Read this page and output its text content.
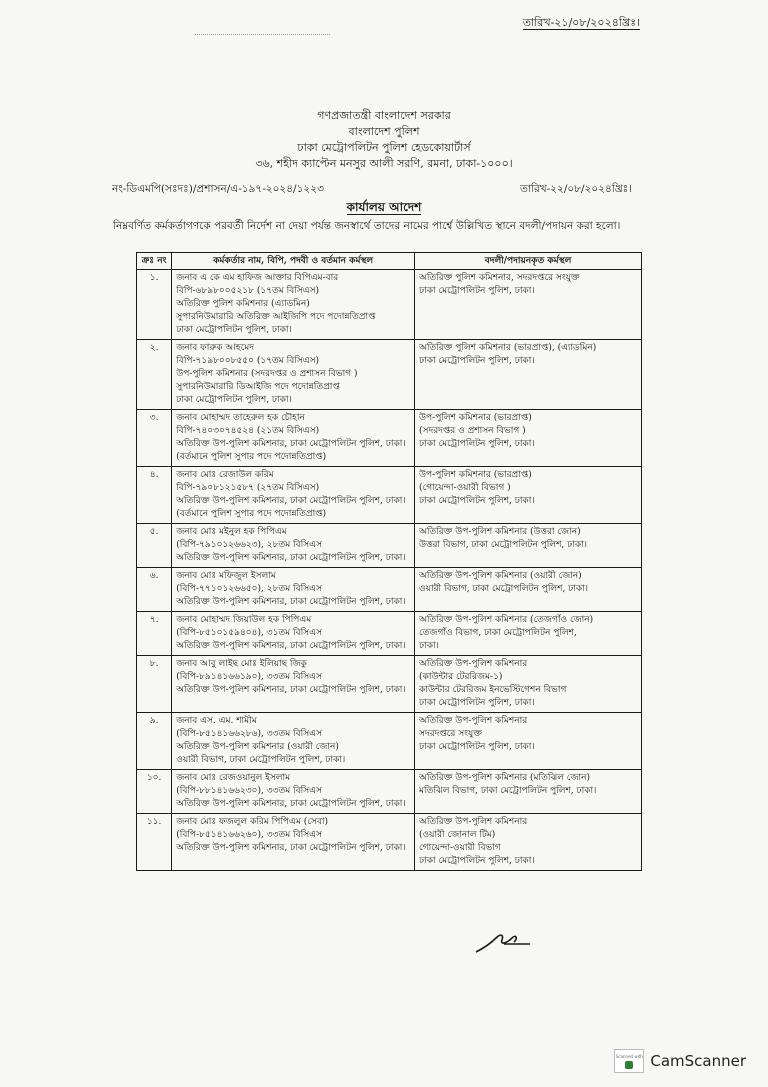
তারিখ-২১/০৮/২০২৪খ্রিঃ।
গণপ্রজাতন্ত্রী বাংলাদেশ সরকার
বাংলাদেশ পুলিশ
ঢাকা মেট্রোপলিটন পুলিশ হেডকোয়ার্টার্স
৩৬, শহীদ ক্যাপ্টেন মনসুর আলী সরণি, রমনা, ঢাকা-১০০০।
নং-ডিএমপি(সঃদঃ)/প্রশাসন/এ-১৯৭-২০২৪/১২২৩	তারিখ-২২/০৮/২০২৪খ্রিঃ।
কার্যালয় আদেশ
নিম্নবর্ণিত কর্মকর্তাগণকে পরবর্তী নির্দেশ না দেয়া পর্যন্ত জনস্বার্থে তাদের নামের পার্শ্বে উল্লিখিত স্থানে বদলী/পদায়ন করা হলো।
ক্রঃ নং	কর্মকর্তার নাম, বিপি, পদবী ও বর্তমান কর্মস্থল	বদলী/পদায়নকৃত কর্মস্থল
১.	জনাব এ কে এম হাফিজ আক্তার বিপিএম-বার
বিপি-৬৮৯৮০০৫২১৮ (১৭তম বিসিএস)
অতিরিক্ত পুলিশ কমিশনার (এ্যাডমিন)
সুপারনিউমারারি অতিরিক্ত আইজিপি পদে পদোন্নতিপ্রাপ্ত
ঢাকা মেট্রোপলিটন পুলিশ, ঢাকা।	অতিরিক্ত পুলিশ কমিশনার, সদরদপ্তরে সংযুক্ত
ঢাকা মেট্রোপলিটন পুলিশ, ঢাকা।

২.	জনাব ফারুক আহমেদ
বিপি-৭১৯৮০০৮৫৫০ (১৭তম বিসিএস)
উপ-পুলিশ কমিশনার (সদরদপ্তর ও প্রশাসন বিভাগ )
সুপারনিউমারারি ডিআইজি পদে পদোন্নতিপ্রাপ্ত
ঢাকা মেট্রোপলিটন পুলিশ, ঢাকা।	অতিরিক্ত পুলিশ কমিশনার (ভারপ্রাপ্ত), (এ্যাডমিন)
ঢাকা মেট্রোপলিটন পুলিশ, ঢাকা।

৩.	জনাব মোহাম্মদ তাহেরুল হক চৌহান
বিপি-৭৪০৩০৭৪৫২৪ (২১তম বিসিএস)
অতিরিক্ত উপ-পুলিশ কমিশনার, ঢাকা মেট্রোপলিটন পুলিশ, ঢাকা।
(বর্তমানে পুলিশ সুপার পদে পদোন্নতিপ্রাপ্ত)	উপ-পুলিশ কমিশনার (ভারপ্রাপ্ত)
(সদরদপ্তর ও প্রশাসন বিভাগ )
ঢাকা মেট্রোপলিটন পুলিশ, ঢাকা।

৪.	জনাব মোঃ রেজাউল করিম
বিপি-৭৯০৮১২১৫৮৭ (২৭তম বিসিএস)
অতিরিক্ত উপ-পুলিশ কমিশনার, ঢাকা মেট্রোপলিটন পুলিশ, ঢাকা।
(বর্তমানে পুলিশ সুপার পদে পদোন্নতিপ্রাপ্ত)	উপ-পুলিশ কমিশনার (ভারপ্রাপ্ত)
(গোয়েন্দা-ওয়ারী বিভাগ )
ঢাকা মেট্রোপলিটন পুলিশ, ঢাকা।

৫.	জনাব মোঃ মইনুল হক পিপিএম
(বিপি-৭৯১০১২৬৬২৩), ২৮তম বিসিএস
অতিরিক্ত উপ-পুলিশ কমিশনার, ঢাকা মেট্রোপলিটন পুলিশ, ঢাকা।	অতিরিক্ত উপ-পুলিশ কমিশনার (উত্তরা জোন)
উত্তরা বিভাগ, ঢাকা মেট্রোপলিটন পুলিশ, ঢাকা।

৬.	জনাব মোঃ মফিজুল ইসলাম
(বিপি-৭৭১০১২৬৬৫০), ২৮তম বিসিএস
অতিরিক্ত উপ-পুলিশ কমিশনার, ঢাকা মেট্রোপলিটন পুলিশ, ঢাকা।	অতিরিক্ত উপ-পুলিশ কমিশনার (ওয়ারী জোন)
ওয়ারী বিভাগ, ঢাকা মেট্রোপলিটন পুলিশ, ঢাকা।

৭.	জনাব মোহাম্মদ জিয়াউল হক পিপিএম
(বিপি-৮৫১০১৫৯৪০৪), ৩১তম বিসিএস
অতিরিক্ত উপ-পুলিশ কমিশনার, ঢাকা মেট্রোপলিটন পুলিশ, ঢাকা।	অতিরিক্ত উপ-পুলিশ কমিশনার (তেজগাঁও জোন)
তেজগাঁও বিভাগ, ঢাকা মেট্রোপলিটন পুলিশ,
ঢাকা।

৮.	জনাব আবু লাইছ মোঃ ইলিয়াছ জিকু
(বিপি-৮৯১৪১৬৬১৯০), ৩৩তম বিসিএস
অতিরিক্ত উপ-পুলিশ কমিশনার, ঢাকা মেট্রোপলিটন পুলিশ, ঢাকা।	অতিরিক্ত উপ-পুলিশ কমিশনার
(কাউন্টার টেররিজম-১)
কাউন্টার টেররিজম ইনভেস্টিগেশন বিভাগ
ঢাকা মেট্রোপলিটন পুলিশ, ঢাকা।

৯.	জনাব এস. এম. শামীম
(বিপি-৮৫১৪১৬৬২৮৬), ৩৩তম বিসিএস
অতিরিক্ত উপ-পুলিশ কমিশনার (ওয়ারী জোন)
ওয়ারী বিভাগ, ঢাকা মেট্রোপলিটন পুলিশ, ঢাকা।	অতিরিক্ত উপ-পুলিশ কমিশনার
সদরদপ্তরে সংযুক্ত
ঢাকা মেট্রোপলিটন পুলিশ, ঢাকা।

১০.	জনাব মোঃ রেজওয়ানুল ইসলাম
(বিপি-৮৮১৪১৬৬২৩০), ৩৩তম বিসিএস
অতিরিক্ত উপ-পুলিশ কমিশনার, ঢাকা মেট্রোপলিটন পুলিশ, ঢাকা।	অতিরিক্ত উপ-পুলিশ কমিশনার (মতিঝিল জোন)
মতিঝিল বিভাগ, ঢাকা মেট্রোপলিটন পুলিশ, ঢাকা।

১১.	জনাব মোঃ ফজলুল করিম পিপিএম (সেবা)
(বিপি-৮৫১৪১৬৬২৬০), ৩৩তম বিসিএস
অতিরিক্ত উপ-পুলিশ কমিশনার, ঢাকা মেট্রোপলিটন পুলিশ, ঢাকা।	অতিরিক্ত উপ-পুলিশ কমিশনার
(ওয়ারী জোনাল টিম)
গোয়েন্দা-ওয়ারী বিভাগ
ঢাকা মেট্রোপলিটন পুলিশ, ঢাকা।
Scanned with CamScanner
